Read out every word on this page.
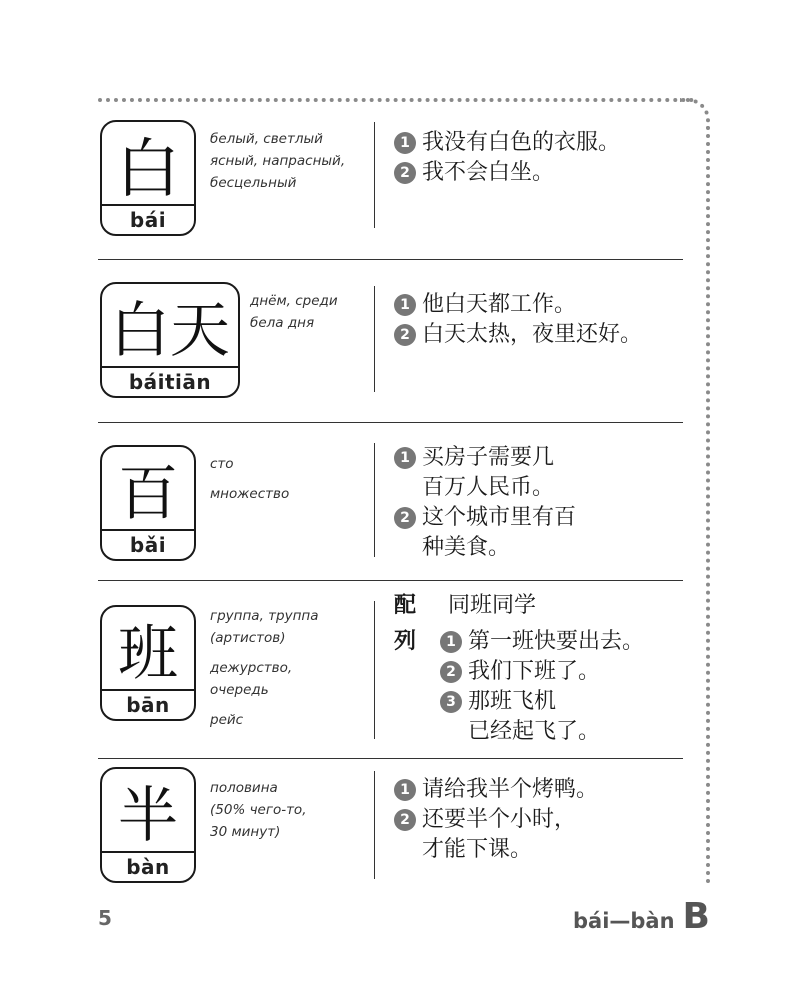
白
bái
белый, светлый
ясный, напрасный,
бесцельный
1 我没有白色的衣服。
2 我不会白坐。
白天
báitiān
днём, среди
бела дня
1 他白天都工作。
2 白天太热，夜里还好。
百
bǎi
сто
множество
1 买房子需要几
百万人民币。
2 这个城市里有百
种美食。
班
bān
группа, труппа
(артистов)
дежурство,
очередь
рейс
配
列
同班同学
1 第一班快要出去。
2 我们下班了。
3 那班飞机
已经起飞了。
半
bàn
половина
(50% чего-то,
30 минут)
1 请给我半个烤鸭。
2 还要半个小时，
才能下课。
5	bái—bàn B
